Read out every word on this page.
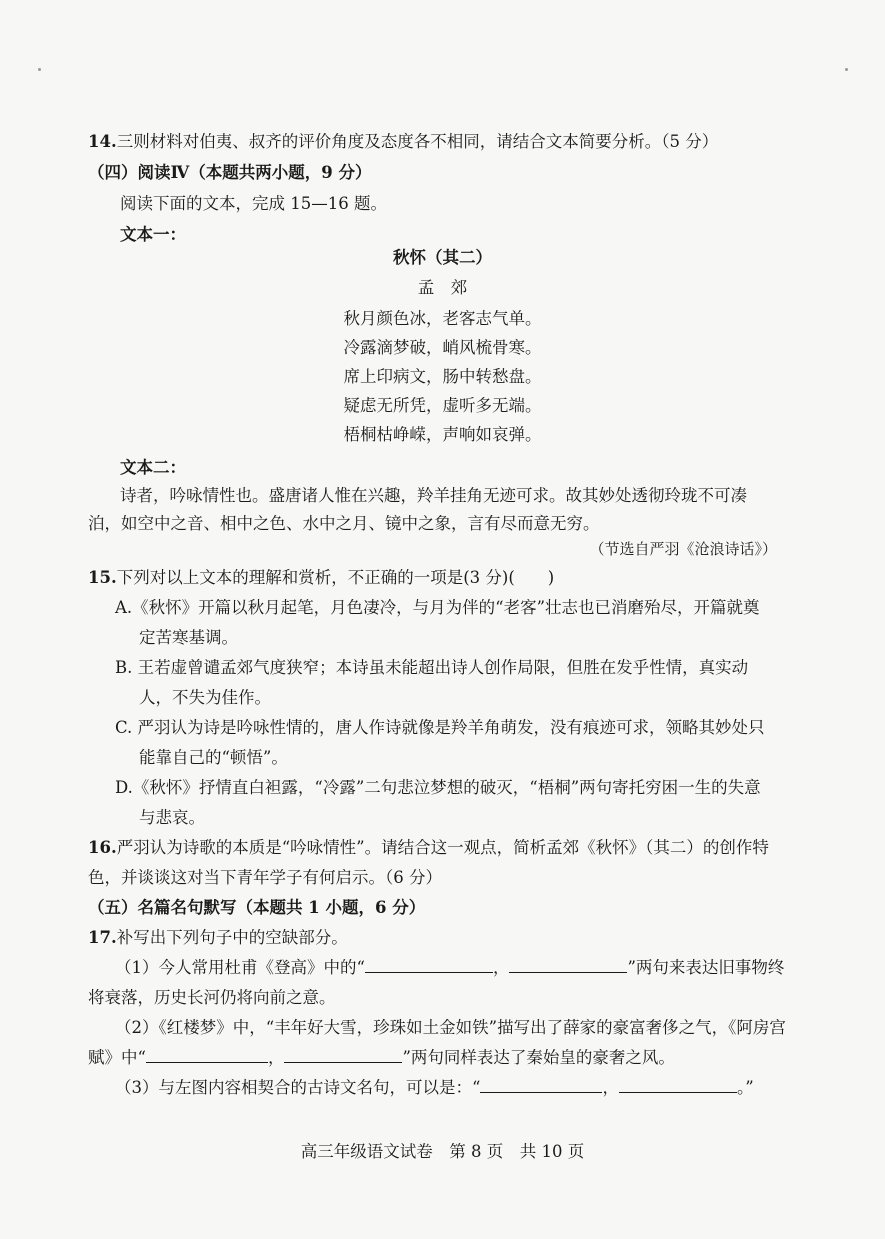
14.三则材料对伯夷、叔齐的评价角度及态度各不相同，请结合文本简要分析。（5 分）
（四）阅读Ⅳ（本题共两小题，9 分）
阅读下面的文本，完成 15—16 题。
文本一：
秋怀（其二）
孟　郊
秋月颜色冰，老客志气单。
冷露滴梦破，峭风梳骨寒。
席上印病文，肠中转愁盘。
疑虑无所凭，虚听多无端。
梧桐枯峥嵘，声响如哀弹。
文本二：
诗者，吟咏情性也。盛唐诸人惟在兴趣，羚羊挂角无迹可求。故其妙处透彻玲珑不可凑
泊，如空中之音、相中之色、水中之月、镜中之象，言有尽而意无穷。
（节选自严羽《沧浪诗话》）
15.下列对以上文本的理解和赏析，不正确的一项是(3 分)(　　)
A.《秋怀》开篇以秋月起笔，月色凄冷，与月为伴的“老客”壮志也已消磨殆尽，开篇就奠
定苦寒基调。
B. 王若虚曾谴孟郊气度狭窄；本诗虽未能超出诗人创作局限，但胜在发乎性情，真实动
人，不失为佳作。
C. 严羽认为诗是吟咏性情的，唐人作诗就像是羚羊角萌发，没有痕迹可求，领略其妙处只
能靠自己的“顿悟”。
D.《秋怀》抒情直白袒露，“冷露”二句悲泣梦想的破灭，“梧桐”两句寄托穷困一生的失意
与悲哀。
16.严羽认为诗歌的本质是“吟咏情性”。请结合这一观点，简析孟郊《秋怀》（其二）的创作特
色，并谈谈这对当下青年学子有何启示。（6 分）
（五）名篇名句默写（本题共 1 小题，6 分）
17.补写出下列句子中的空缺部分。
（1）今人常用杜甫《登高》中的“	，	”两句来表达旧事物终
将衰落，历史长河仍将向前之意。
（2）《红楼梦》中，“丰年好大雪，珍珠如土金如铁”描写出了薛家的豪富奢侈之气，《阿房宫
赋》中“	，	”两句同样表达了秦始皇的豪奢之风。
（3）与左图内容相契合的古诗文名句，可以是：“	，	。”
高三年级语文试卷　第 8 页　共 10 页
